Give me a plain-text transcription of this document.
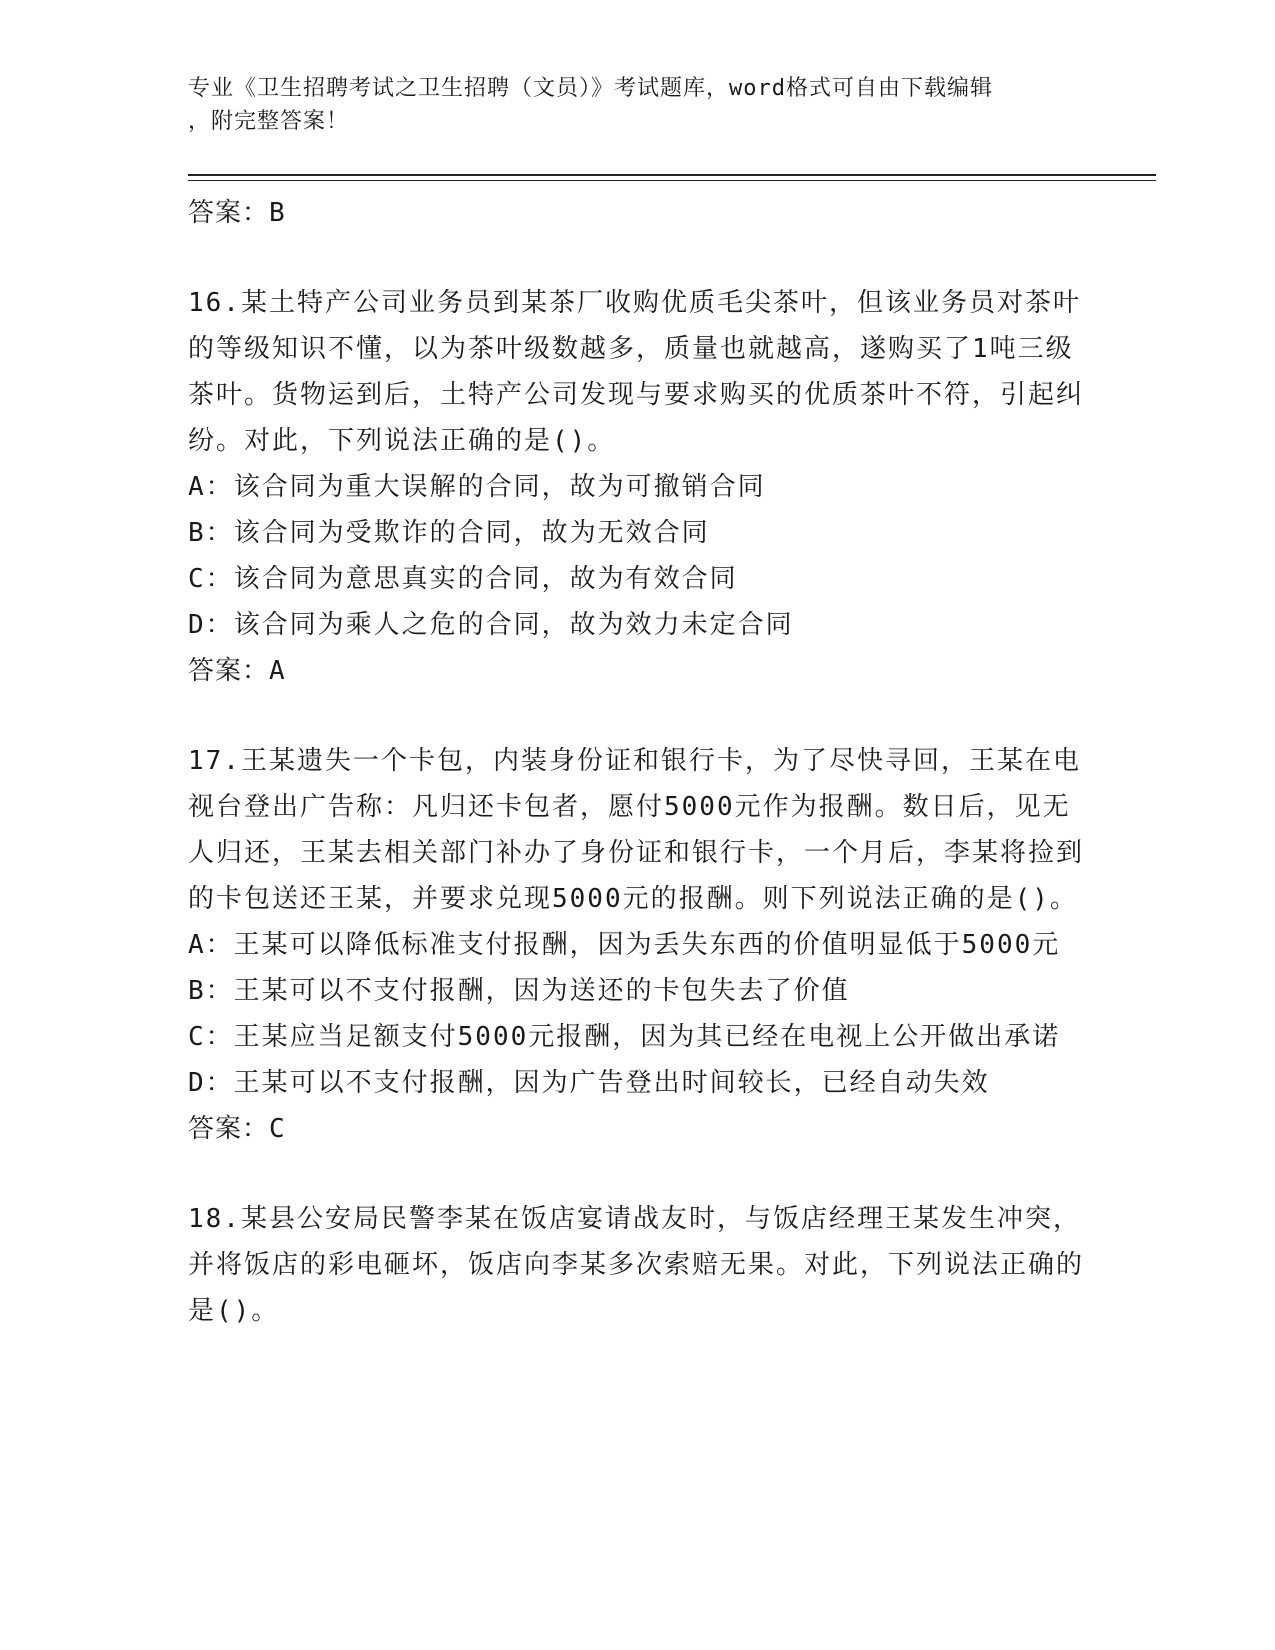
专业《卫生招聘考试之卫生招聘（文员）》考试题库，word格式可自由下载编辑
，附完整答案！
答案：B

16.某土特产公司业务员到某茶厂收购优质毛尖茶叶，但该业务员对茶叶的等级知识不懂，以为茶叶级数越多，质量也就越高，遂购买了1吨三级茶叶。货物运到后，土特产公司发现与要求购买的优质茶叶不符，引起纠纷。对此，下列说法正确的是()。

A：该合同为重大误解的合同，故为可撤销合同

B：该合同为受欺诈的合同，故为无效合同

C：该合同为意思真实的合同，故为有效合同

D：该合同为乘人之危的合同，故为效力未定合同

答案：A

17.王某遗失一个卡包，内装身份证和银行卡，为了尽快寻回，王某在电视台登出广告称：凡归还卡包者，愿付5000元作为报酬。数日后，见无人归还，王某去相关部门补办了身份证和银行卡，一个月后，李某将捡到的卡包送还王某，并要求兑现5000元的报酬。则下列说法正确的是()。

A：王某可以降低标准支付报酬，因为丢失东西的价值明显低于5000元

B：王某可以不支付报酬，因为送还的卡包失去了价值

C：王某应当足额支付5000元报酬，因为其已经在电视上公开做出承诺

D：王某可以不支付报酬，因为广告登出时间较长，已经自动失效

答案：C

18.某县公安局民警李某在饭店宴请战友时，与饭店经理王某发生冲突，并将饭店的彩电砸坏，饭店向李某多次索赔无果。对此，下列说法正确的是()。
